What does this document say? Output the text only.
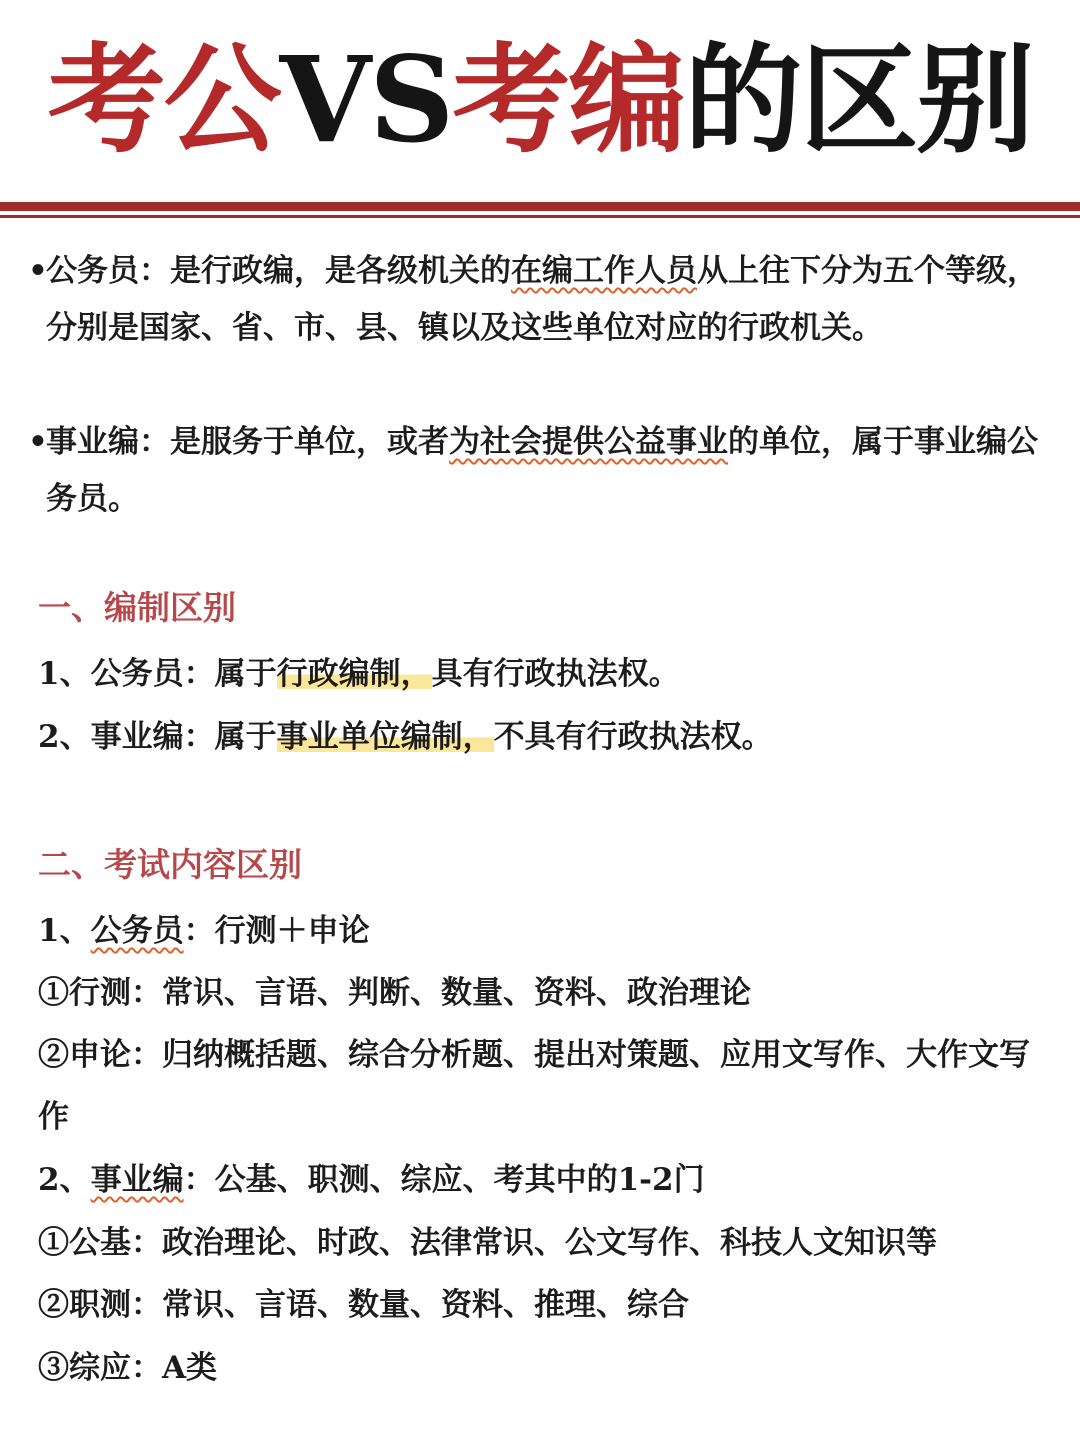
考公VS考编的区别
•
公务员：是行政编，是各级机关的在编工作人员从上往下分为五个等级，分别是国家、省、市、县、镇以及这些单位对应的行政机关。
•
事业编：是服务于单位，或者为社会提供公益事业的单位，属于事业编公务员。
一、编制区别
1、公务员：属于行政编制，具有行政执法权。
2、事业编：属于事业单位编制，不具有行政执法权。
二、考试内容区别
1、公务员：行测＋申论
①行测：常识、言语、判断、数量、资料、政治理论
②申论：归纳概括题、综合分析题、提出对策题、应用文写作、大作文写作
2、事业编：公基、职测、综应、考其中的1-2门
①公基：政治理论、时政、法律常识、公文写作、科技人文知识等
②职测：常识、言语、数量、资料、推理、综合
③综应：A类
